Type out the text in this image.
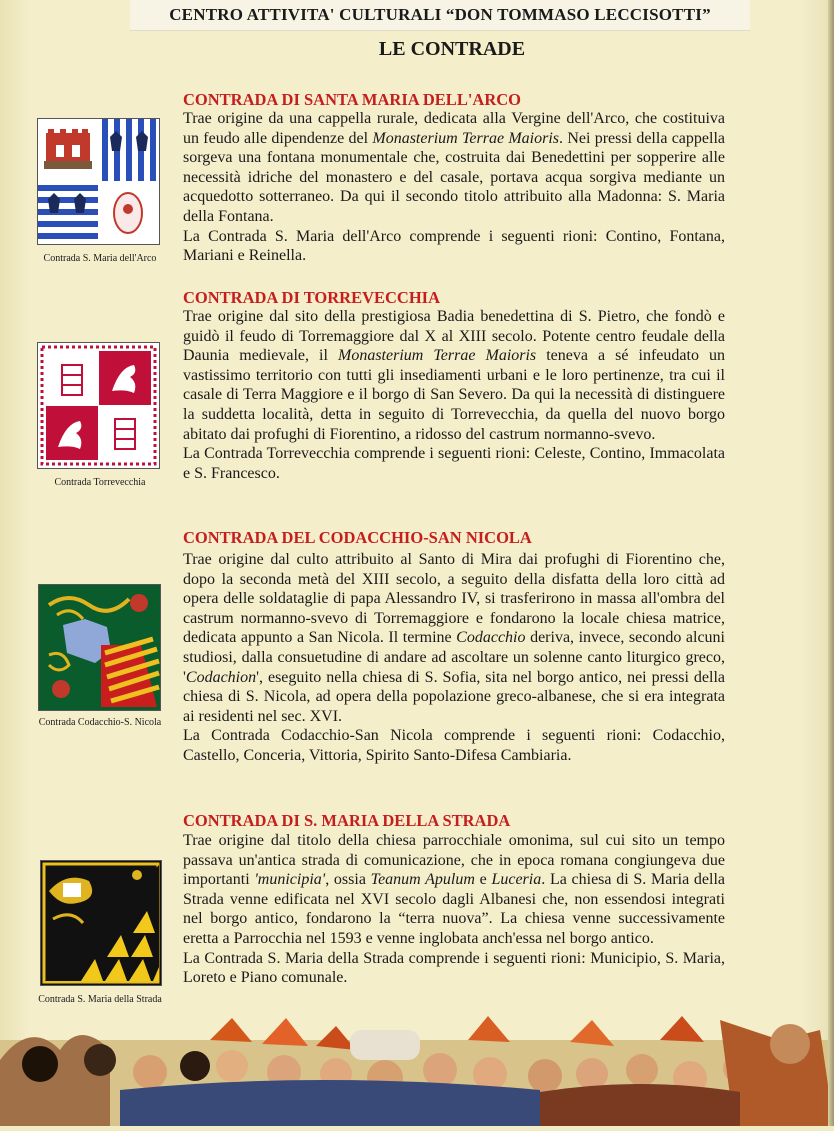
CENTRO ATTIVITA' CULTURALI “DON TOMMASO LECCISOTTI”
LE CONTRADE
CONTRADA DI SANTA MARIA DELL'ARCO
Contrada S. Maria dell'Arco

Trae origine da una cappella rurale, dedicata alla Vergine dell'Arco, che costituiva un feudo alle dipendenze del Monasterium Terrae Maioris. Nei pressi della cappella sorgeva una fontana monumentale che, costruita dai Benedettini per sopperire alle necessità idriche del monastero e del casale, portava acqua sorgiva mediante un acquedotto sotterraneo. Da qui il secondo titolo attribuito alla Madonna: S. Maria della Fontana.

La Contrada S. Maria dell'Arco comprende i seguenti rioni: Contino, Fontana, Mariani e Reinella.

CONTRADA DI TORREVECCHIA
Contrada Torrevecchia

Trae origine dal sito della prestigiosa Badia benedettina di S. Pietro, che fondò e guidò il feudo di Torremaggiore dal X al XIII secolo. Potente centro feudale della Daunia medievale, il Monasterium Terrae Maioris teneva a sé infeudato un vastissimo territorio con tutti gli insediamenti urbani e le loro pertinenze, tra cui il casale di Terra Maggiore e il borgo di San Severo. Da qui la necessità di distinguere la suddetta località, detta in seguito di Torrevecchia, da quella del nuovo borgo abitato dai profughi di Fiorentino, a ridosso del castrum normanno-svevo.

La Contrada Torrevecchia comprende i seguenti rioni: Celeste, Contino, Immacolata e S. Francesco.

CONTRADA DEL CODACCHIO-SAN NICOLA
Contrada Codacchio-S. Nicola

Trae origine dal culto attribuito al Santo di Mira dai profughi di Fiorentino che, dopo la seconda metà del XIII secolo, a seguito della disfatta della loro città ad opera delle soldataglie di papa Alessandro IV, si trasferirono in massa all'ombra del castrum normanno-svevo di Torremaggiore e fondarono la locale chiesa matrice, dedicata appunto a San Nicola. Il termine Codacchio deriva, invece, secondo alcuni studiosi, dalla consuetudine di andare ad ascoltare un solenne canto liturgico greco, 'Codachion', eseguito nella chiesa di S. Sofia, sita nel borgo antico, nei pressi della chiesa di S. Nicola, ad opera della popolazione greco-albanese, che si era integrata ai residenti nel sec. XVI.

La Contrada Codacchio-San Nicola comprende i seguenti rioni: Codacchio, Castello, Conceria, Vittoria, Spirito Santo-Difesa Cambiaria.

CONTRADA DI S. MARIA DELLA STRADA
Contrada S. Maria della Strada

Trae origine dal titolo della chiesa parrocchiale omonima, sul cui sito un tempo passava un'antica strada di comunicazione, che in epoca romana congiungeva due importanti 'municipia', ossia Teanum Apulum e Luceria. La chiesa di S. Maria della Strada venne edificata nel XVI secolo dagli Albanesi che, non essendosi integrati nel borgo antico, fondarono la “terra nuova”. La chiesa venne successivamente eretta a Parrocchia nel 1593 e venne inglobata anch'essa nel borgo antico.

La Contrada S. Maria della Strada comprende i seguenti rioni: Municipio, S. Maria, Loreto e Piano comunale.
